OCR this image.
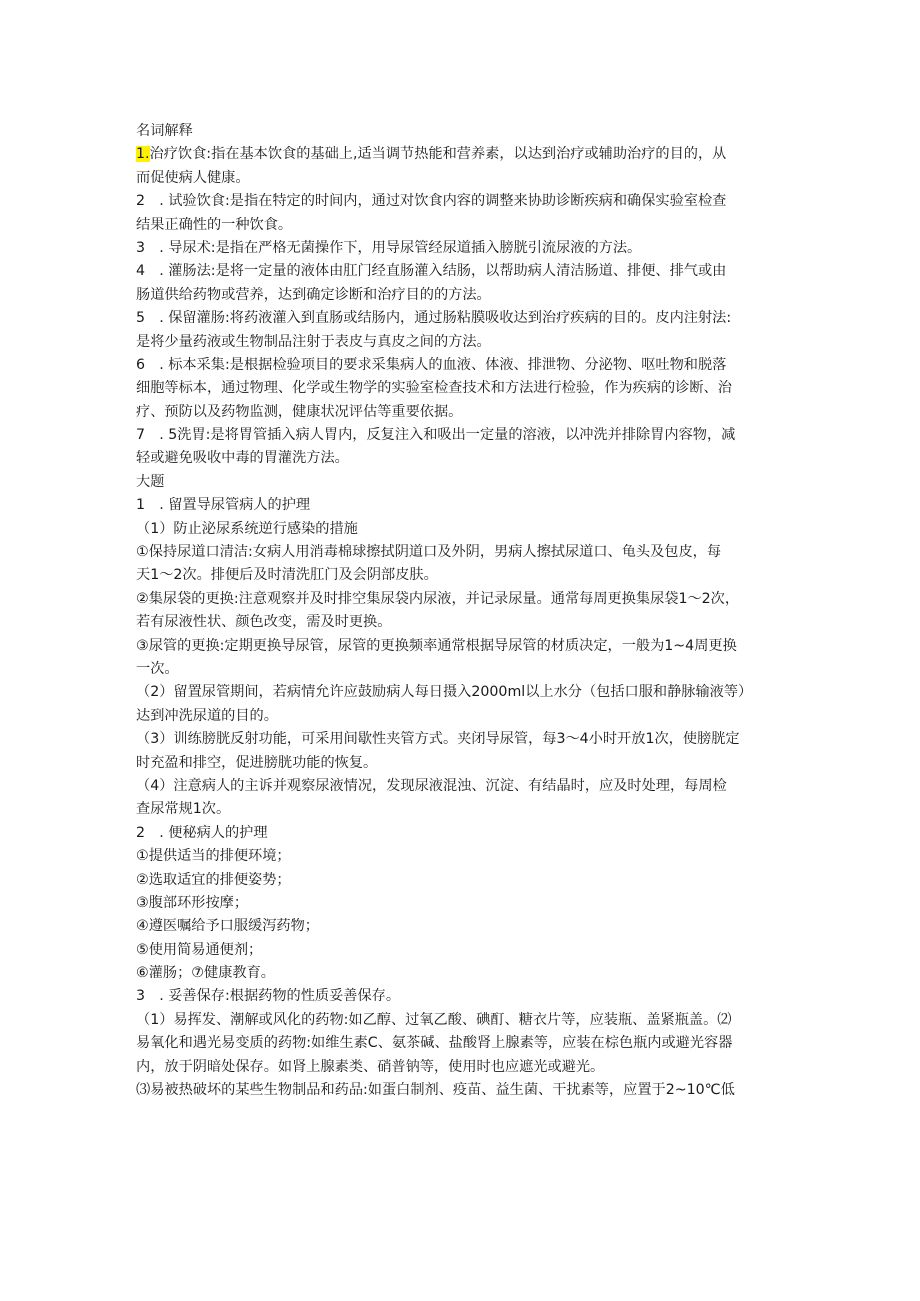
名词解释
1.治疗饮食:指在基本饮食的基础上,适当调节热能和营养素，以达到治疗或辅助治疗的目的，从
而促使病人健康。
2　. 试验饮食:是指在特定的时间内，通过对饮食内容的调整来协助诊断疾病和确保实验室检查
结果正确性的一种饮食。
3　. 导尿术:是指在严格无菌操作下，用导尿管经尿道插入膀胱引流尿液的方法。
4　. 灌肠法:是将一定量的液体由肛门经直肠灌入结肠，以帮助病人清洁肠道、排便、排气或由
肠道供给药物或营养，达到确定诊断和治疗目的的方法。
5　. 保留灌肠:将药液灌入到直肠或结肠内，通过肠粘膜吸收达到治疗疾病的目的。皮内注射法:
是将少量药液或生物制品注射于表皮与真皮之间的方法。
6　. 标本采集:是根据检验项目的要求采集病人的血液、体液、排泄物、分泌物、呕吐物和脱落
细胞等标本，通过物理、化学或生物学的实验室检查技术和方法进行检验，作为疾病的诊断、治
疗、预防以及药物监测，健康状况评估等重要依据。
7　. 5洗胃:是将胃管插入病人胃内，反复注入和吸出一定量的溶液，以冲洗并排除胃内容物，减
轻或避免吸收中毒的胃灌洗方法。
大题
1　. 留置导尿管病人的护理
（1）防止泌尿系统逆行感染的措施
①保持尿道口清洁:女病人用消毒棉球擦拭阴道口及外阴，男病人擦拭尿道口、龟头及包皮，每
天1～2次。排便后及时清洗肛门及会阴部皮肤。
②集尿袋的更换:注意观察并及时排空集尿袋内尿液，并记录尿量。通常每周更换集尿袋1～2次，
若有尿液性状、颜色改变，需及时更换。
③尿管的更换:定期更换导尿管，尿管的更换频率通常根据导尿管的材质决定，一般为1~4周更换
一次。
（2）留置尿管期间，若病情允许应鼓励病人每日摄入2000ml以上水分（包括口服和静脉输液等）
达到冲洗尿道的目的。
（3）训练膀胱反射功能，可采用间歇性夹管方式。夹闭导尿管，每3～4小时开放1次，使膀胱定
时充盈和排空，促进膀胱功能的恢复。
（4）注意病人的主诉并观察尿液情况，发现尿液混浊、沉淀、有结晶时，应及时处理，每周检
查尿常规1次。
2　. 便秘病人的护理
①提供适当的排便环境；
②选取适宜的排便姿势；
③腹部环形按摩；
④遵医嘱给予口服缓泻药物；
⑤使用简易通便剂；
⑥灌肠；⑦健康教育。
3　. 妥善保存:根据药物的性质妥善保存。
（1）易挥发、潮解或风化的药物:如乙醇、过氧乙酸、碘酊、糖衣片等，应装瓶、盖紧瓶盖。⑵
易氧化和遇光易变质的药物:如维生素C、氨茶碱、盐酸肾上腺素等，应装在棕色瓶内或避光容器
内，放于阴暗处保存。如肾上腺素类、硝普钠等，使用时也应遮光或避光。
⑶易被热破坏的某些生物制品和药品:如蛋白制剂、疫苗、益生菌、干扰素等，应置于2~10℃低
